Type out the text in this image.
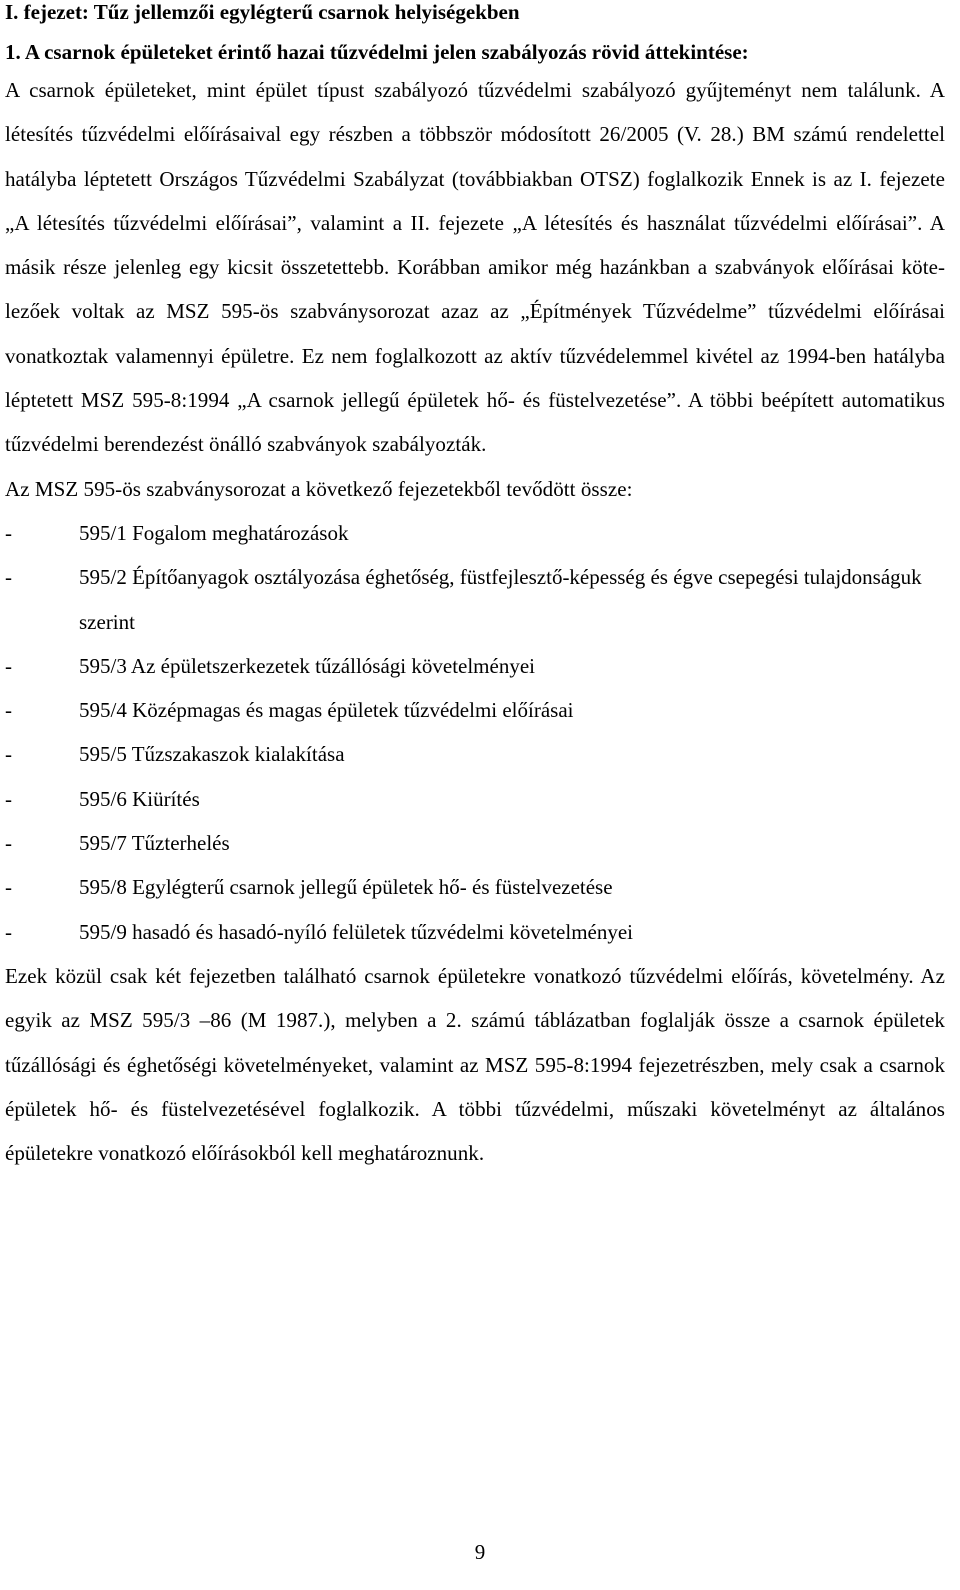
I. fejezet: Tűz jellemzői egylégterű csarnok helyiségekben
1. A csarnok épületeket érintő hazai tűzvédelmi jelen szabályozás rövid áttekintése:

A csarnok épületeket, mint épület típust szabályozó tűzvédelmi szabályozó gyűjteményt nem találunk. A létesítés tűzvédelmi előírásaival egy részben a többször módosított 26/2005 (V. 28.) BM számú rendelettel hatályba léptetett Országos Tűzvédelmi Szabályzat (továbbiakban OTSZ) foglalkozik Ennek is az I. fejezete „A létesítés tűzvédelmi előírásai”, valamint a II. fejezete „A létesítés és használat tűzvédelmi előírásai”. A másik része jelenleg egy kicsit összetettebb. Korábban amikor még hazánkban a szabványok előírásai kötelezőek voltak az MSZ 595-ös szabványsorozat azaz az „Építmények Tűzvédelme” tűzvédelmi előírásai vonatkoztak valamennyi épületre. Ez nem foglalkozott az aktív tűzvédelemmel kivétel az 1994-ben hatályba léptetett MSZ 595-8:1994 „A csarnok jellegű épületek hő- és füstelvezetése”. A többi beépített automatikus tűzvédelmi berendezést önálló szabványok szabályozták.

Az MSZ 595-ös szabványsorozat a következő fejezetekből tevődött össze:

-	595/1 Fogalom meghatározások
-	595/2 Építőanyagok osztályozása éghetőség, füstfejlesztő-képesség és égve csepegési tulajdonságuk szerint
-	595/3 Az épületszerkezetek tűzállósági követelményei
-	595/4 Középmagas és magas épületek tűzvédelmi előírásai
-	595/5 Tűzszakaszok kialakítása
-	595/6 Kiürítés
-	595/7 Tűzterhelés
-	595/8 Egylégterű csarnok jellegű épületek hő- és füstelvezetése
-	595/9 hasadó és hasadó-nyíló felületek tűzvédelmi követelményei

Ezek közül csak két fejezetben található csarnok épületekre vonatkozó tűzvédelmi előírás, követelmény. Az egyik az MSZ 595/3 –86 (M 1987.), melyben a 2. számú táblázatban foglalják össze a csarnok épületek tűzállósági és éghetőségi követelményeket, valamint az MSZ 595-8:1994 fejezetrészben, mely csak a csarnok épületek hő- és füstelvezetésével foglalkozik. A többi tűzvédelmi, műszaki követelményt az általános épületekre vonatkozó előírásokból kell meghatároznunk.

9
